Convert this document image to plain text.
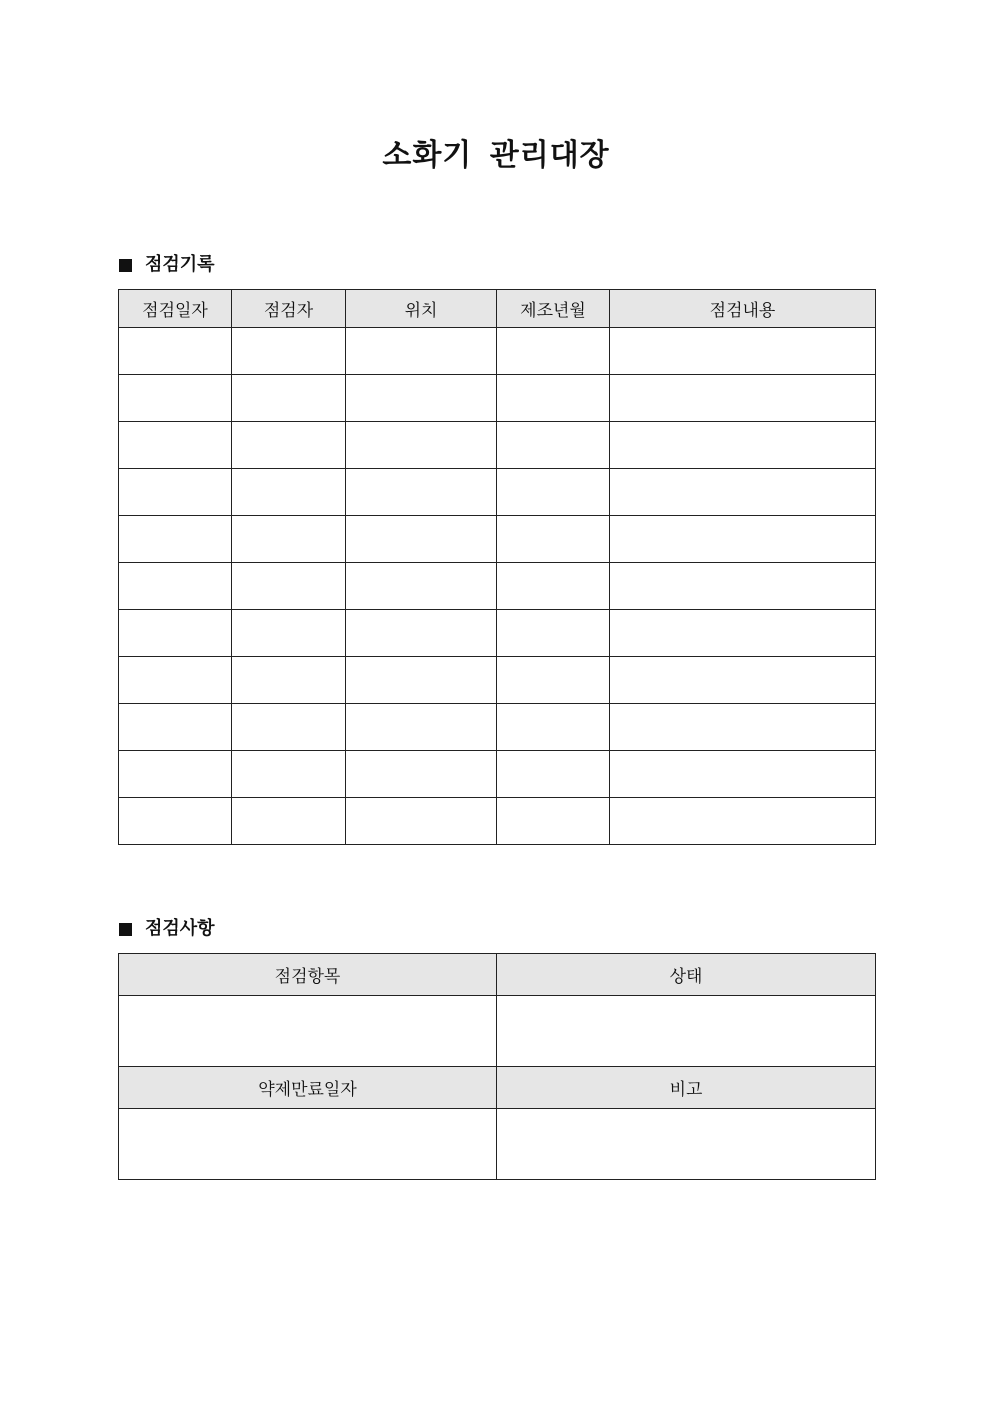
소화기 관리대장
점검기록
점검일자	점검자	위치	제조년월	점검내용

점검사항
점검항목	상태

약제만료일자	비고
